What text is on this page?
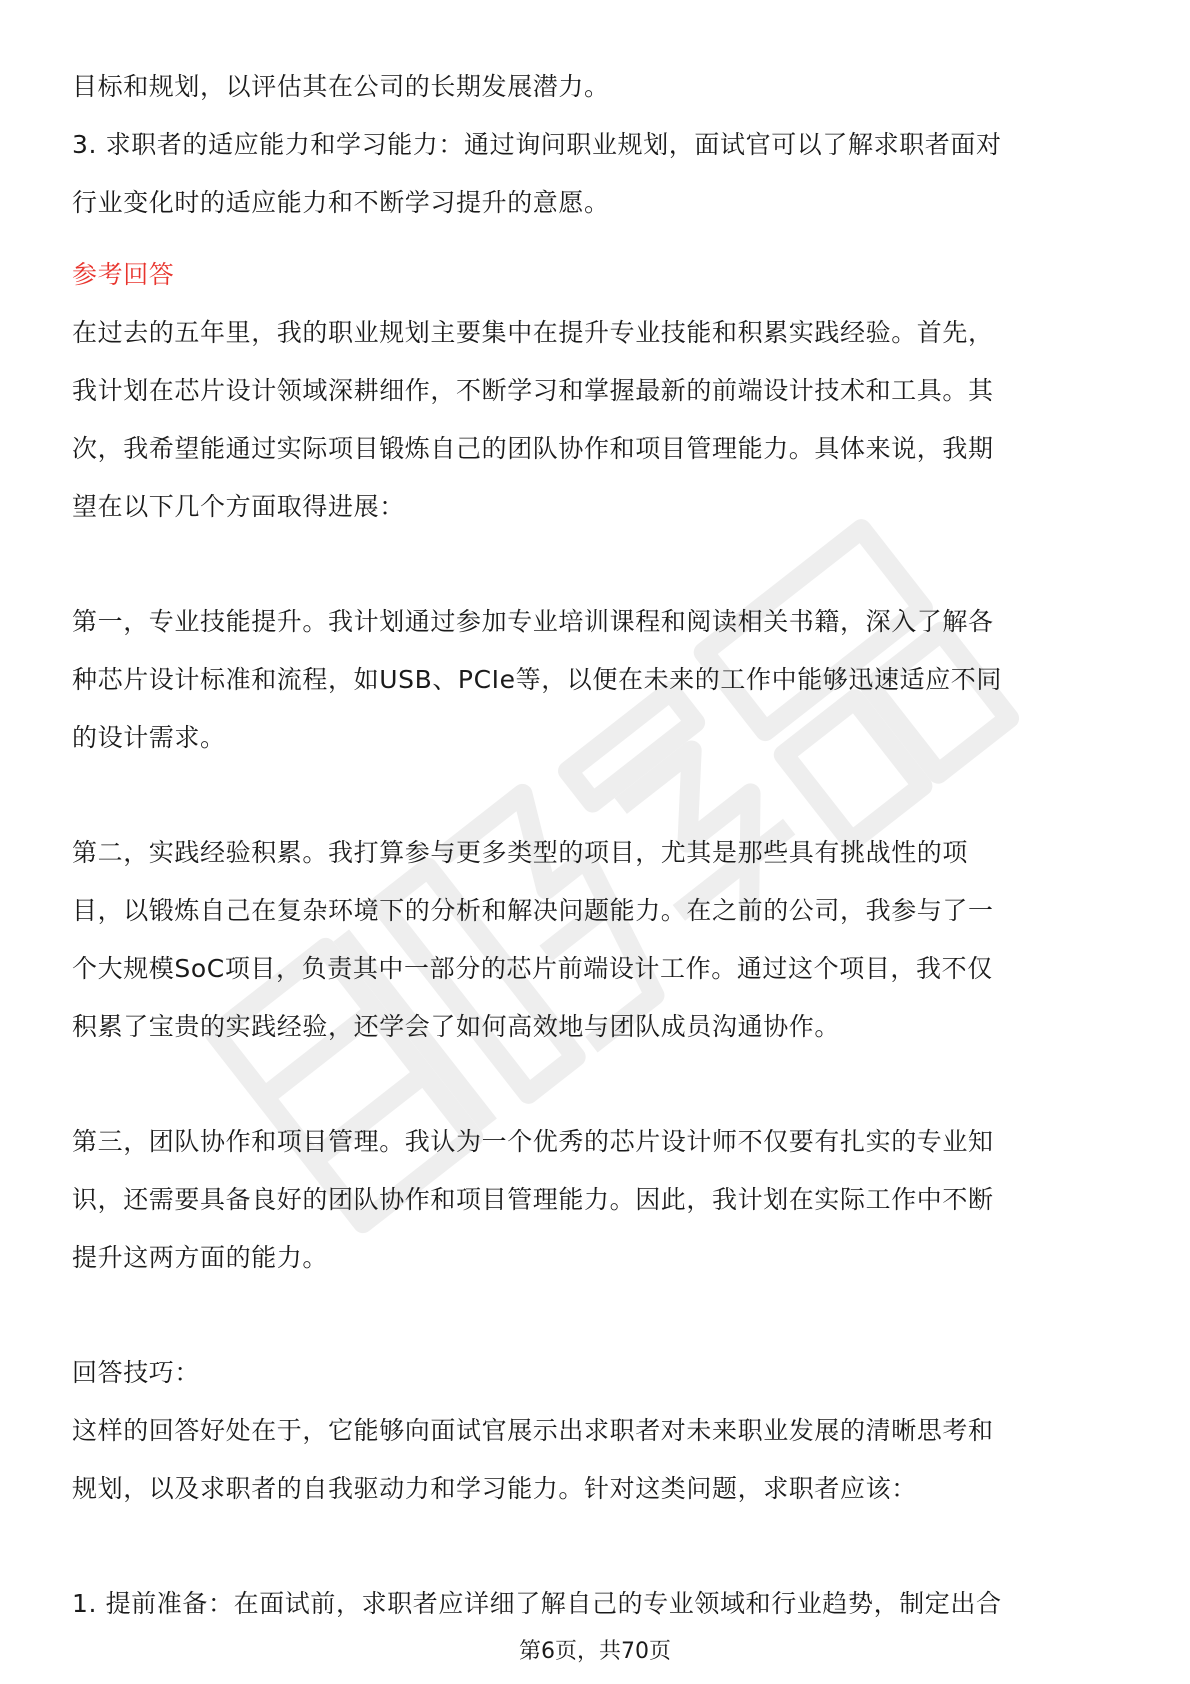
目标和规划，以评估其在公司的长期发展潜力。
3. 求职者的适应能力和学习能力：通过询问职业规划，面试官可以了解求职者面对
行业变化时的适应能力和不断学习提升的意愿。
参考回答
在过去的五年里，我的职业规划主要集中在提升专业技能和积累实践经验。首先，
我计划在芯片设计领域深耕细作，不断学习和掌握最新的前端设计技术和工具。其
次，我希望能通过实际项目锻炼自己的团队协作和项目管理能力。具体来说，我期
望在以下几个方面取得进展：
第一，专业技能提升。我计划通过参加专业培训课程和阅读相关书籍，深入了解各
种芯片设计标准和流程，如USB、PCIe等，以便在未来的工作中能够迅速适应不同
的设计需求。
第二，实践经验积累。我打算参与更多类型的项目，尤其是那些具有挑战性的项
目，以锻炼自己在复杂环境下的分析和解决问题能力。在之前的公司，我参与了一
个大规模SoC项目，负责其中一部分的芯片前端设计工作。通过这个项目，我不仅
积累了宝贵的实践经验，还学会了如何高效地与团队成员沟通协作。
第三，团队协作和项目管理。我认为一个优秀的芯片设计师不仅要有扎实的专业知
识，还需要具备良好的团队协作和项目管理能力。因此，我计划在实际工作中不断
提升这两方面的能力。
回答技巧：
这样的回答好处在于，它能够向面试官展示出求职者对未来职业发展的清晰思考和
规划，以及求职者的自我驱动力和学习能力。针对这类问题，求职者应该：
1. 提前准备：在面试前，求职者应详细了解自己的专业领域和行业趋势，制定出合
第6页，共70页
